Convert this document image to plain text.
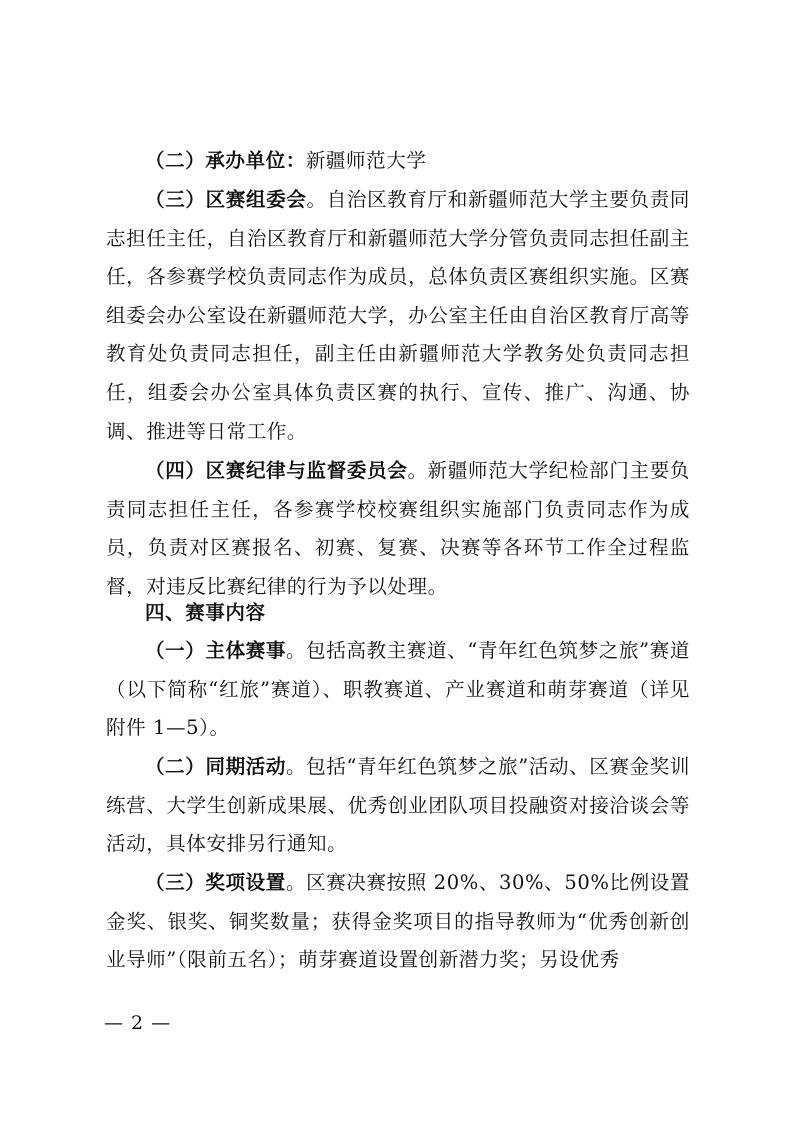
（二）承办单位：新疆师范大学

（三）区赛组委会。自治区教育厅和新疆师范大学主要负责同志担任主任，自治区教育厅和新疆师范大学分管负责同志担任副主任，各参赛学校负责同志作为成员，总体负责区赛组织实施。区赛组委会办公室设在新疆师范大学，办公室主任由自治区教育厅高等教育处负责同志担任，副主任由新疆师范大学教务处负责同志担任，组委会办公室具体负责区赛的执行、宣传、推广、沟通、协调、推进等日常工作。

（四）区赛纪律与监督委员会。新疆师范大学纪检部门主要负责同志担任主任，各参赛学校校赛组织实施部门负责同志作为成员，负责对区赛报名、初赛、复赛、决赛等各环节工作全过程监督，对违反比赛纪律的行为予以处理。

四、赛事内容

（一）主体赛事。包括高教主赛道、“青年红色筑梦之旅”赛道（以下简称“红旅”赛道）、职教赛道、产业赛道和萌芽赛道（详见附件 1—5）。

（二）同期活动。包括“青年红色筑梦之旅”活动、区赛金奖训练营、大学生创新成果展、优秀创业团队项目投融资对接洽谈会等活动，具体安排另行通知。

（三）奖项设置。区赛决赛按照 20%、30%、50%比例设置金奖、银奖、铜奖数量；获得金奖项目的指导教师为“优秀创新创业导师”（限前五名）；萌芽赛道设置创新潜力奖；另设优秀

— 2 —
